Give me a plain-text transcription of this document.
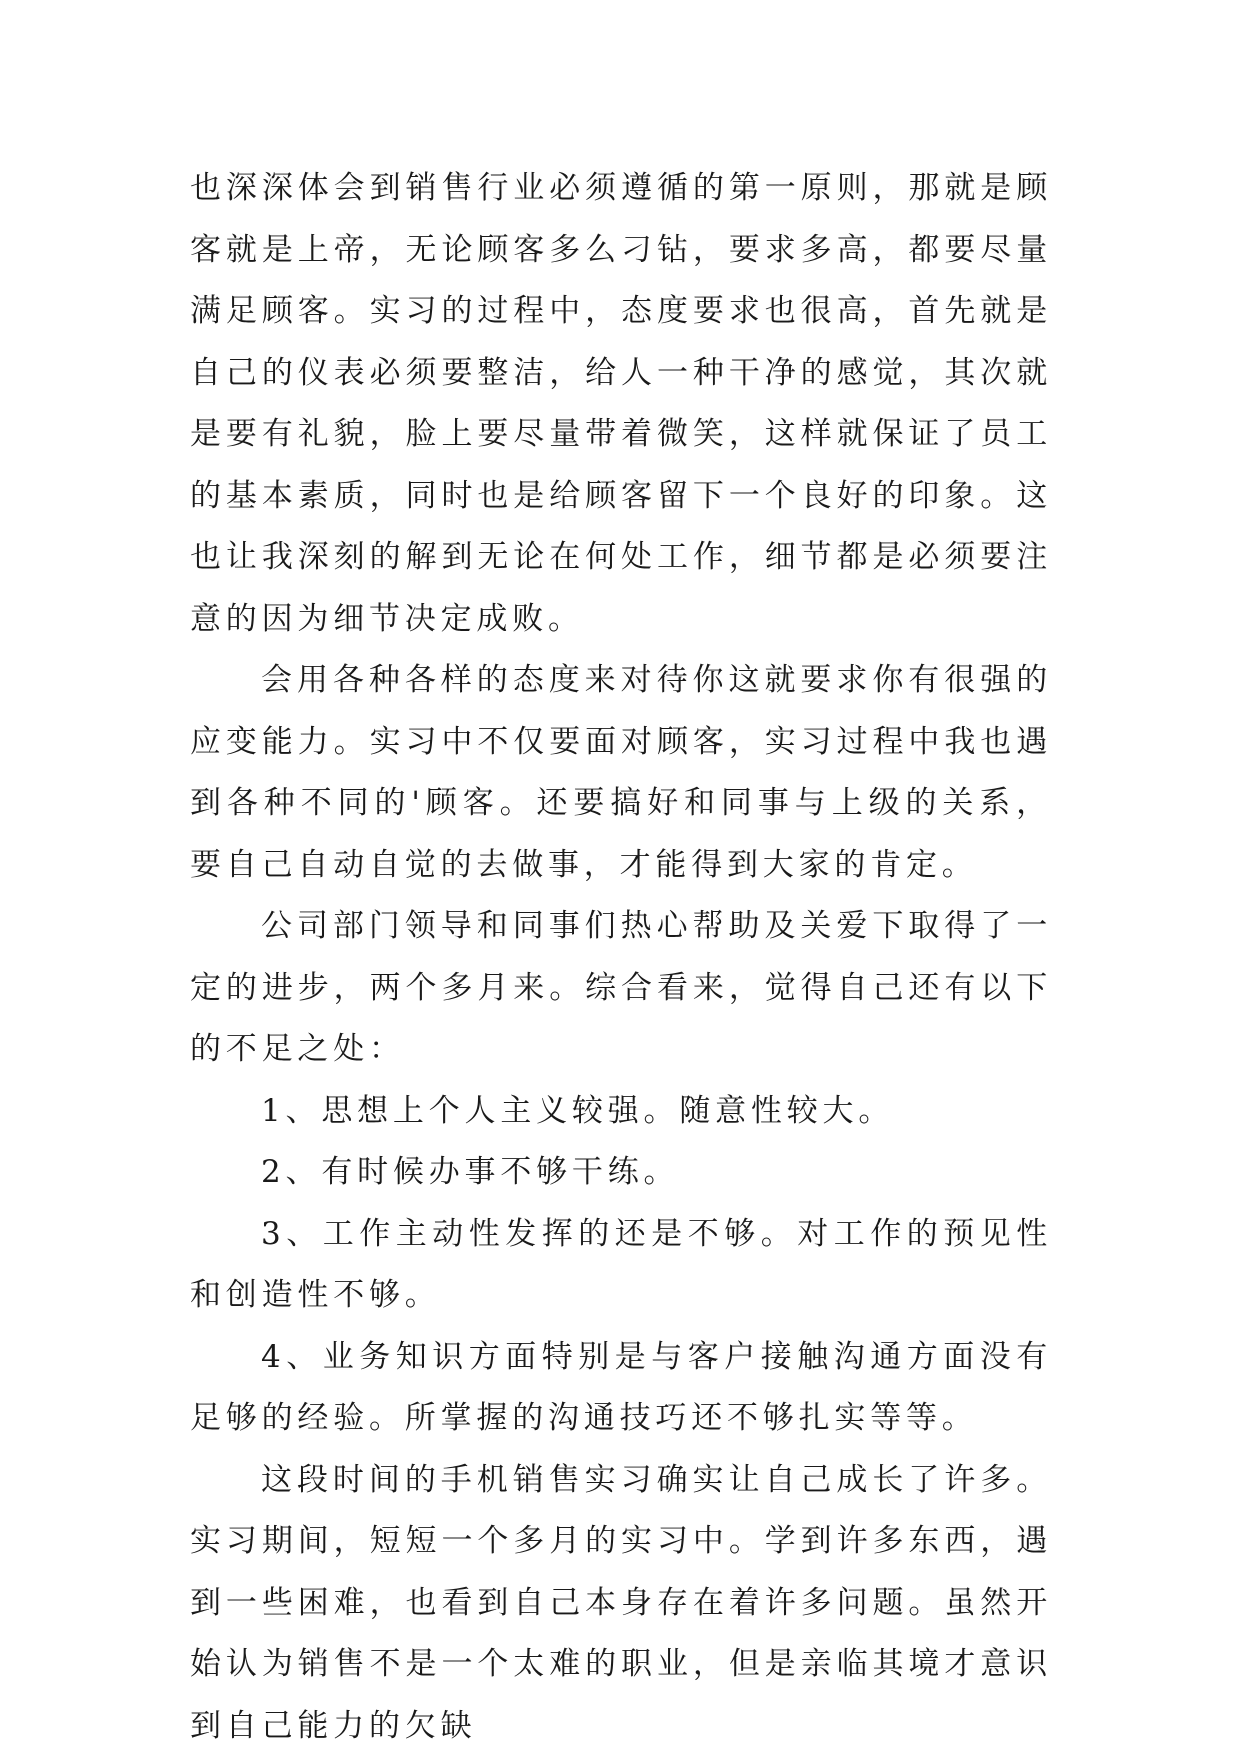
也深深体会到销售行业必须遵循的第一原则，那就是顾客就是上帝，无论顾客多么刁钻，要求多高，都要尽量满足顾客。实习的过程中，态度要求也很高，首先就是自己的仪表必须要整洁，给人一种干净的感觉，其次就是要有礼貌，脸上要尽量带着微笑，这样就保证了员工的基本素质，同时也是给顾客留下一个良好的印象。这也让我深刻的解到无论在何处工作，细节都是必须要注意的因为细节决定成败。

会用各种各样的态度来对待你这就要求你有很强的应变能力。实习中不仅要面对顾客，实习过程中我也遇到各种不同的'顾客。还要搞好和同事与上级的关系，要自己自动自觉的去做事，才能得到大家的肯定。

公司部门领导和同事们热心帮助及关爱下取得了一定的进步，两个多月来。综合看来，觉得自己还有以下的不足之处：

1、思想上个人主义较强。随意性较大。

2、有时候办事不够干练。

3、工作主动性发挥的还是不够。对工作的预见性和创造性不够。

4、业务知识方面特别是与客户接触沟通方面没有足够的经验。所掌握的沟通技巧还不够扎实等等。

这段时间的手机销售实习确实让自己成长了许多。实习期间，短短一个多月的实习中。学到许多东西，遇到一些困难，也看到自己本身存在着许多问题。虽然开始认为销售不是一个太难的职业，但是亲临其境才意识到自己能力的欠缺
